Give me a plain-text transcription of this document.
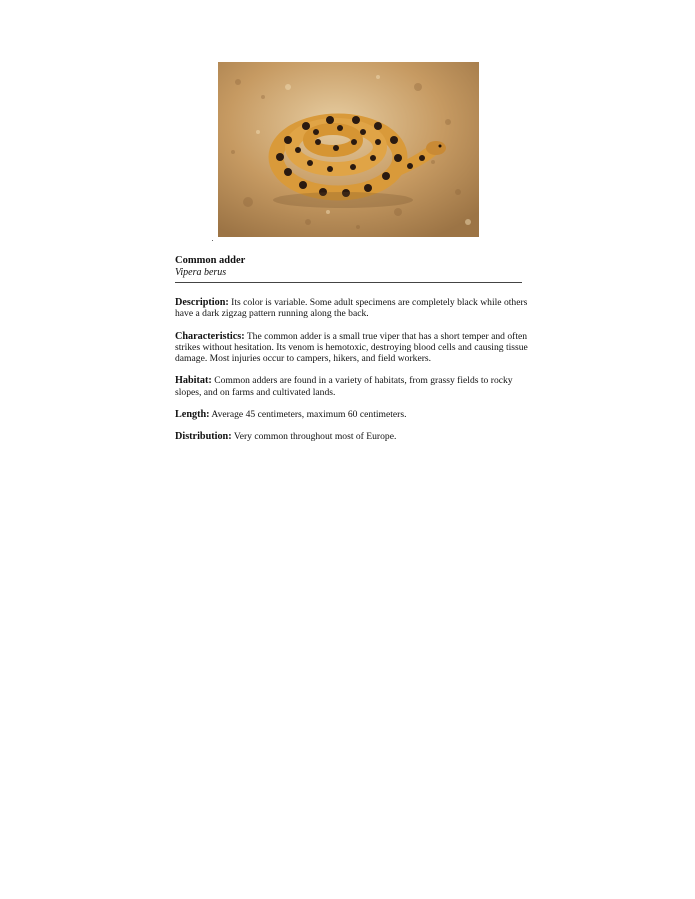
Common adder
Vipera berus

Description: Its color is variable. Some adult specimens are completely black while others have a dark zigzag pattern running along the back.

Characteristics: The common adder is a small true viper that has a short temper and often strikes without hesitation. Its venom is hemotoxic, destroying blood cells and causing tissue damage. Most injuries occur to campers, hikers, and field workers.

Habitat: Common adders are found in a variety of habitats, from grassy fields to rocky slopes, and on farms and cultivated lands.

Length: Average 45 centimeters, maximum 60 centimeters.

Distribution: Very common throughout most of Europe.
